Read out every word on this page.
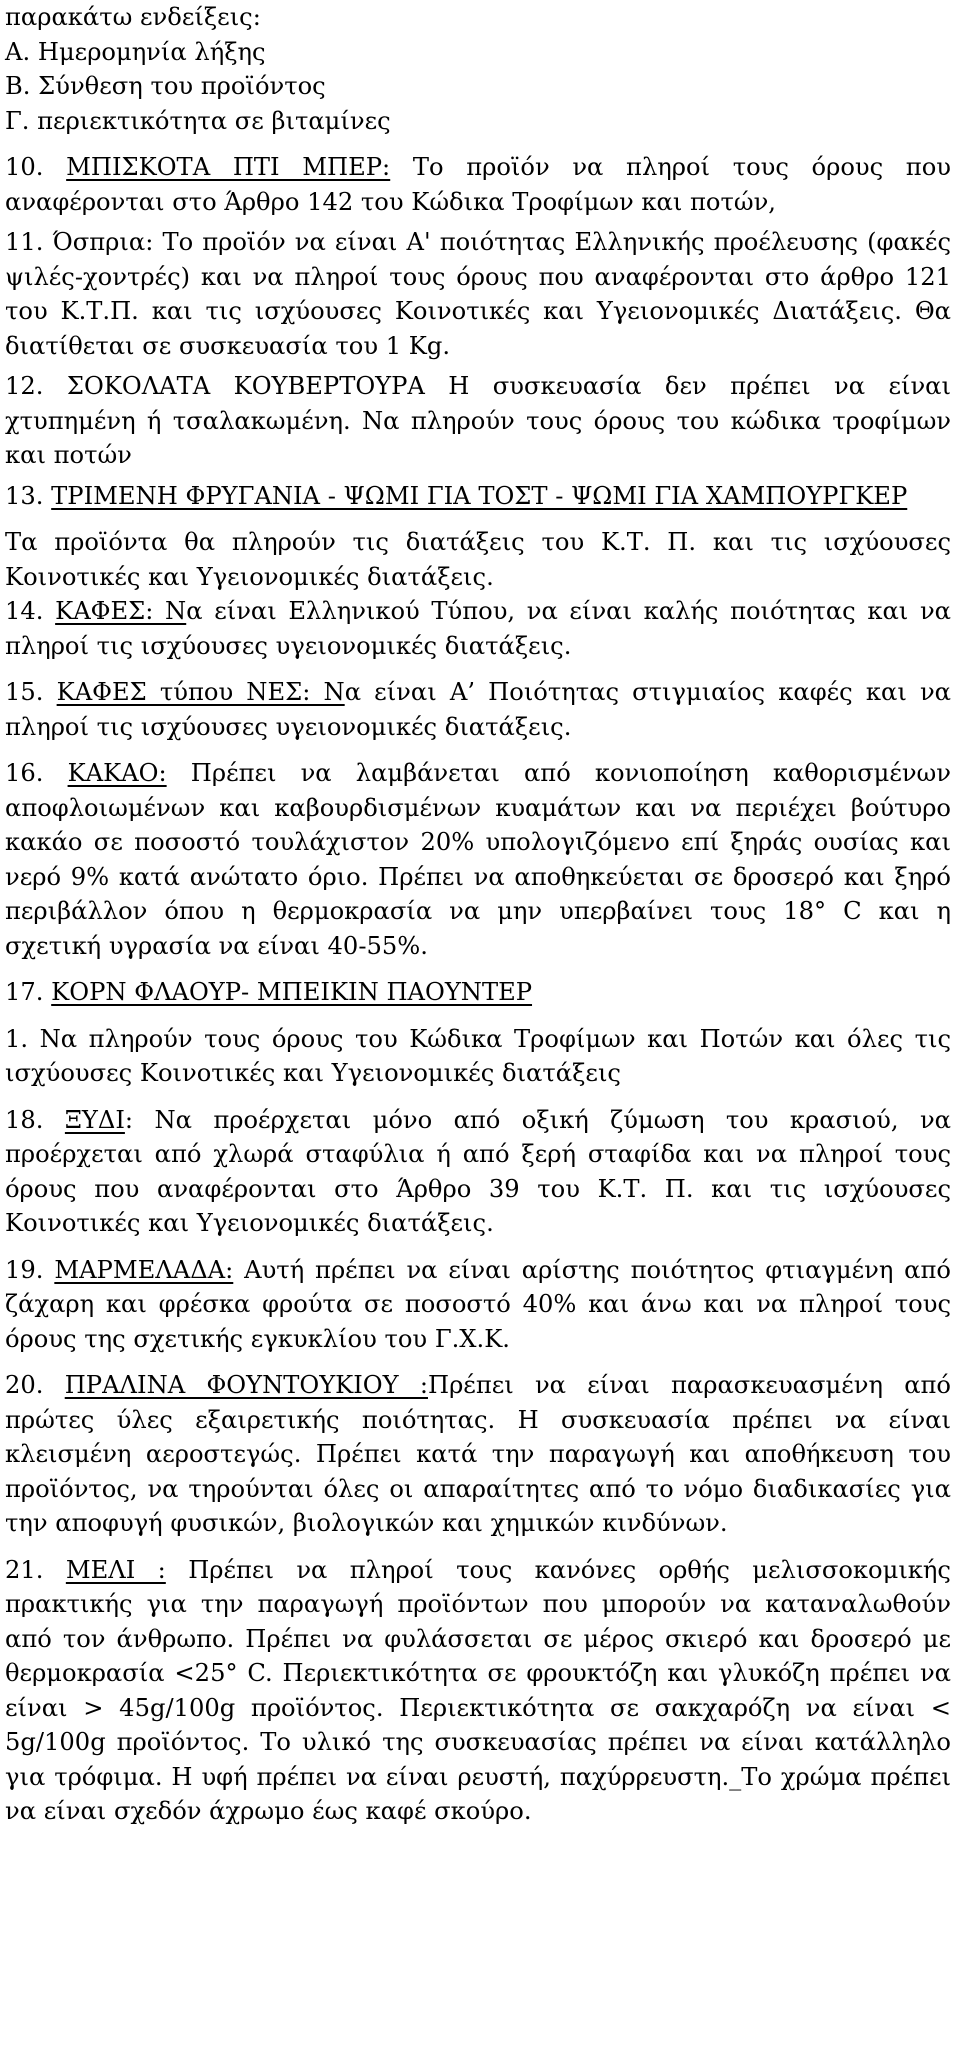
παρακάτω ενδείξεις:

Α. Ημερομηνία λήξης

Β. Σύνθεση του προϊόντος

Γ. περιεκτικότητα σε βιταμίνες

10. ΜΠΙΣΚΟΤΑ ΠΤΙ ΜΠΕΡ: Το προϊόν να πληροί τους όρους που αναφέρονται στο Άρθρο 142 του Κώδικα Τροφίμων και ποτών,

11. Όσπρια: Το προϊόν να είναι Α' ποιότητας Ελληνικής προέλευσης (φακές ψιλές-χοντρές) και να πληροί τους όρους που αναφέρονται στο άρθρο 121 του Κ.Τ.Π. και τις ισχύουσες Κοινοτικές και Υγειονομικές Διατάξεις. Θα διατίθεται σε συσκευασία του 1 Kg.

12. ΣΟΚΟΛΑΤΑ ΚΟΥΒΕΡΤΟΥΡΑ Η συσκευασία δεν πρέπει να είναι χτυπημένη ή τσαλακωμένη. Να πληρούν τους όρους του κώδικα τροφίμων και ποτών

13. ΤΡΙΜΕΝΗ ΦΡΥΓΑΝΙΑ - ΨΩΜΙ ΓΙΑ ΤΟΣΤ - ΨΩΜΙ ΓΙΑ ΧΑΜΠΟΥΡΓΚΕΡ

Τα προϊόντα θα πληρούν τις διατάξεις του Κ.Τ. Π. και τις ισχύουσες Κοινοτικές και Υγειονομικές διατάξεις.

14. ΚΑΦΕΣ: Να είναι Ελληνικού Τύπου, να είναι καλής ποιότητας και να πληροί τις ισχύουσες υγειονομικές διατάξεις.

15. ΚΑΦΕΣ τύπου ΝΕΣ: Να είναι Α’ Ποιότητας στιγμιαίος καφές και να πληροί τις ισχύουσες υγειονομικές διατάξεις.

16. ΚΑΚΑΟ: Πρέπει να λαμβάνεται από κονιοποίηση καθορισμένων αποφλοιωμένων και καβουρδισμένων κυαμάτων και να περιέχει βούτυρο κακάο σε ποσοστό τουλάχιστον 20% υπολογιζόμενο επί ξηράς ουσίας και νερό 9% κατά ανώτατο όριο. Πρέπει να αποθηκεύεται σε δροσερό και ξηρό περιβάλλον όπου η θερμοκρασία να μην υπερβαίνει τους 18° C και η σχετική υγρασία να είναι 40-55%.

17. ΚΟΡΝ ΦΛΑΟΥΡ- ΜΠΕΙΚΙΝ ΠΑΟΥΝΤΕΡ

1. Να πληρούν τους όρους του Κώδικα Τροφίμων και Ποτών και όλες τις ισχύουσες Κοινοτικές και Υγειονομικές διατάξεις

18. ΞΥΔΙ: Να προέρχεται μόνο από οξική ζύμωση του κρασιού, να προέρχεται από χλωρά σταφύλια ή από ξερή σταφίδα και να πληροί τους όρους που αναφέρονται στο Άρθρο 39 του Κ.Τ. Π. και τις ισχύουσες Κοινοτικές και Υγειονομικές διατάξεις.

19. ΜΑΡΜΕΛΑΔΑ: Αυτή πρέπει να είναι αρίστης ποιότητος φτιαγμένη από ζάχαρη και φρέσκα φρούτα σε ποσοστό 40% και άνω και να πληροί τους όρους της σχετικής εγκυκλίου του Γ.Χ.Κ.

20. ΠΡΑΛΙΝΑ ΦΟΥΝΤΟΥΚΙΟΥ :Πρέπει να είναι παρασκευασμένη από πρώτες ύλες εξαιρετικής ποιότητας. Η συσκευασία πρέπει να είναι κλεισμένη αεροστεγώς. Πρέπει κατά την παραγωγή και αποθήκευση του προϊόντος, να τηρούνται όλες οι απαραίτητες από το νόμο διαδικασίες για την αποφυγή φυσικών, βιολογικών και χημικών κινδύνων.

21. ΜΕΛΙ : Πρέπει να πληροί τους κανόνες ορθής μελισσοκομικής πρακτικής για την παραγωγή προϊόντων που μπορούν να καταναλωθούν από τον άνθρωπο. Πρέπει να φυλάσσεται σε μέρος σκιερό και δροσερό με θερμοκρασία <25° C. Περιεκτικότητα σε φρουκτόζη και γλυκόζη πρέπει να είναι > 45g/100g προϊόντος. Περιεκτικότητα σε σακχαρόζη να είναι < 5g/100g προϊόντος. Το υλικό της συσκευασίας πρέπει να είναι κατάλληλο για τρόφιμα. Η υφή πρέπει να είναι ρευστή, παχύρρευστη._Το χρώμα πρέπει να είναι σχεδόν άχρωμο έως καφέ σκούρο.
